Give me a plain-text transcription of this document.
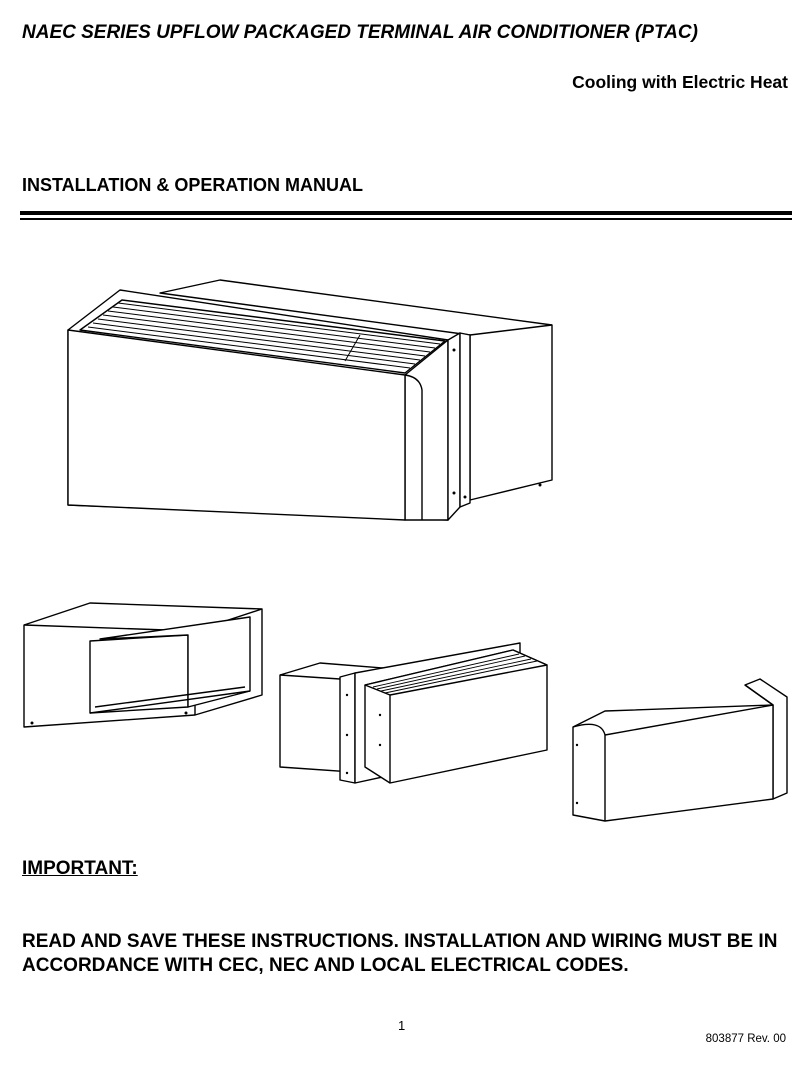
NAEC SERIES UPFLOW PACKAGED TERMINAL AIR CONDITIONER (PTAC)
Cooling with Electric Heat
INSTALLATION & OPERATION MANUAL
IMPORTANT:
READ AND SAVE THESE INSTRUCTIONS. INSTALLATION AND WIRING MUST BE IN ACCORDANCE WITH CEC, NEC AND LOCAL ELECTRICAL CODES.
1
803877 Rev. 00
